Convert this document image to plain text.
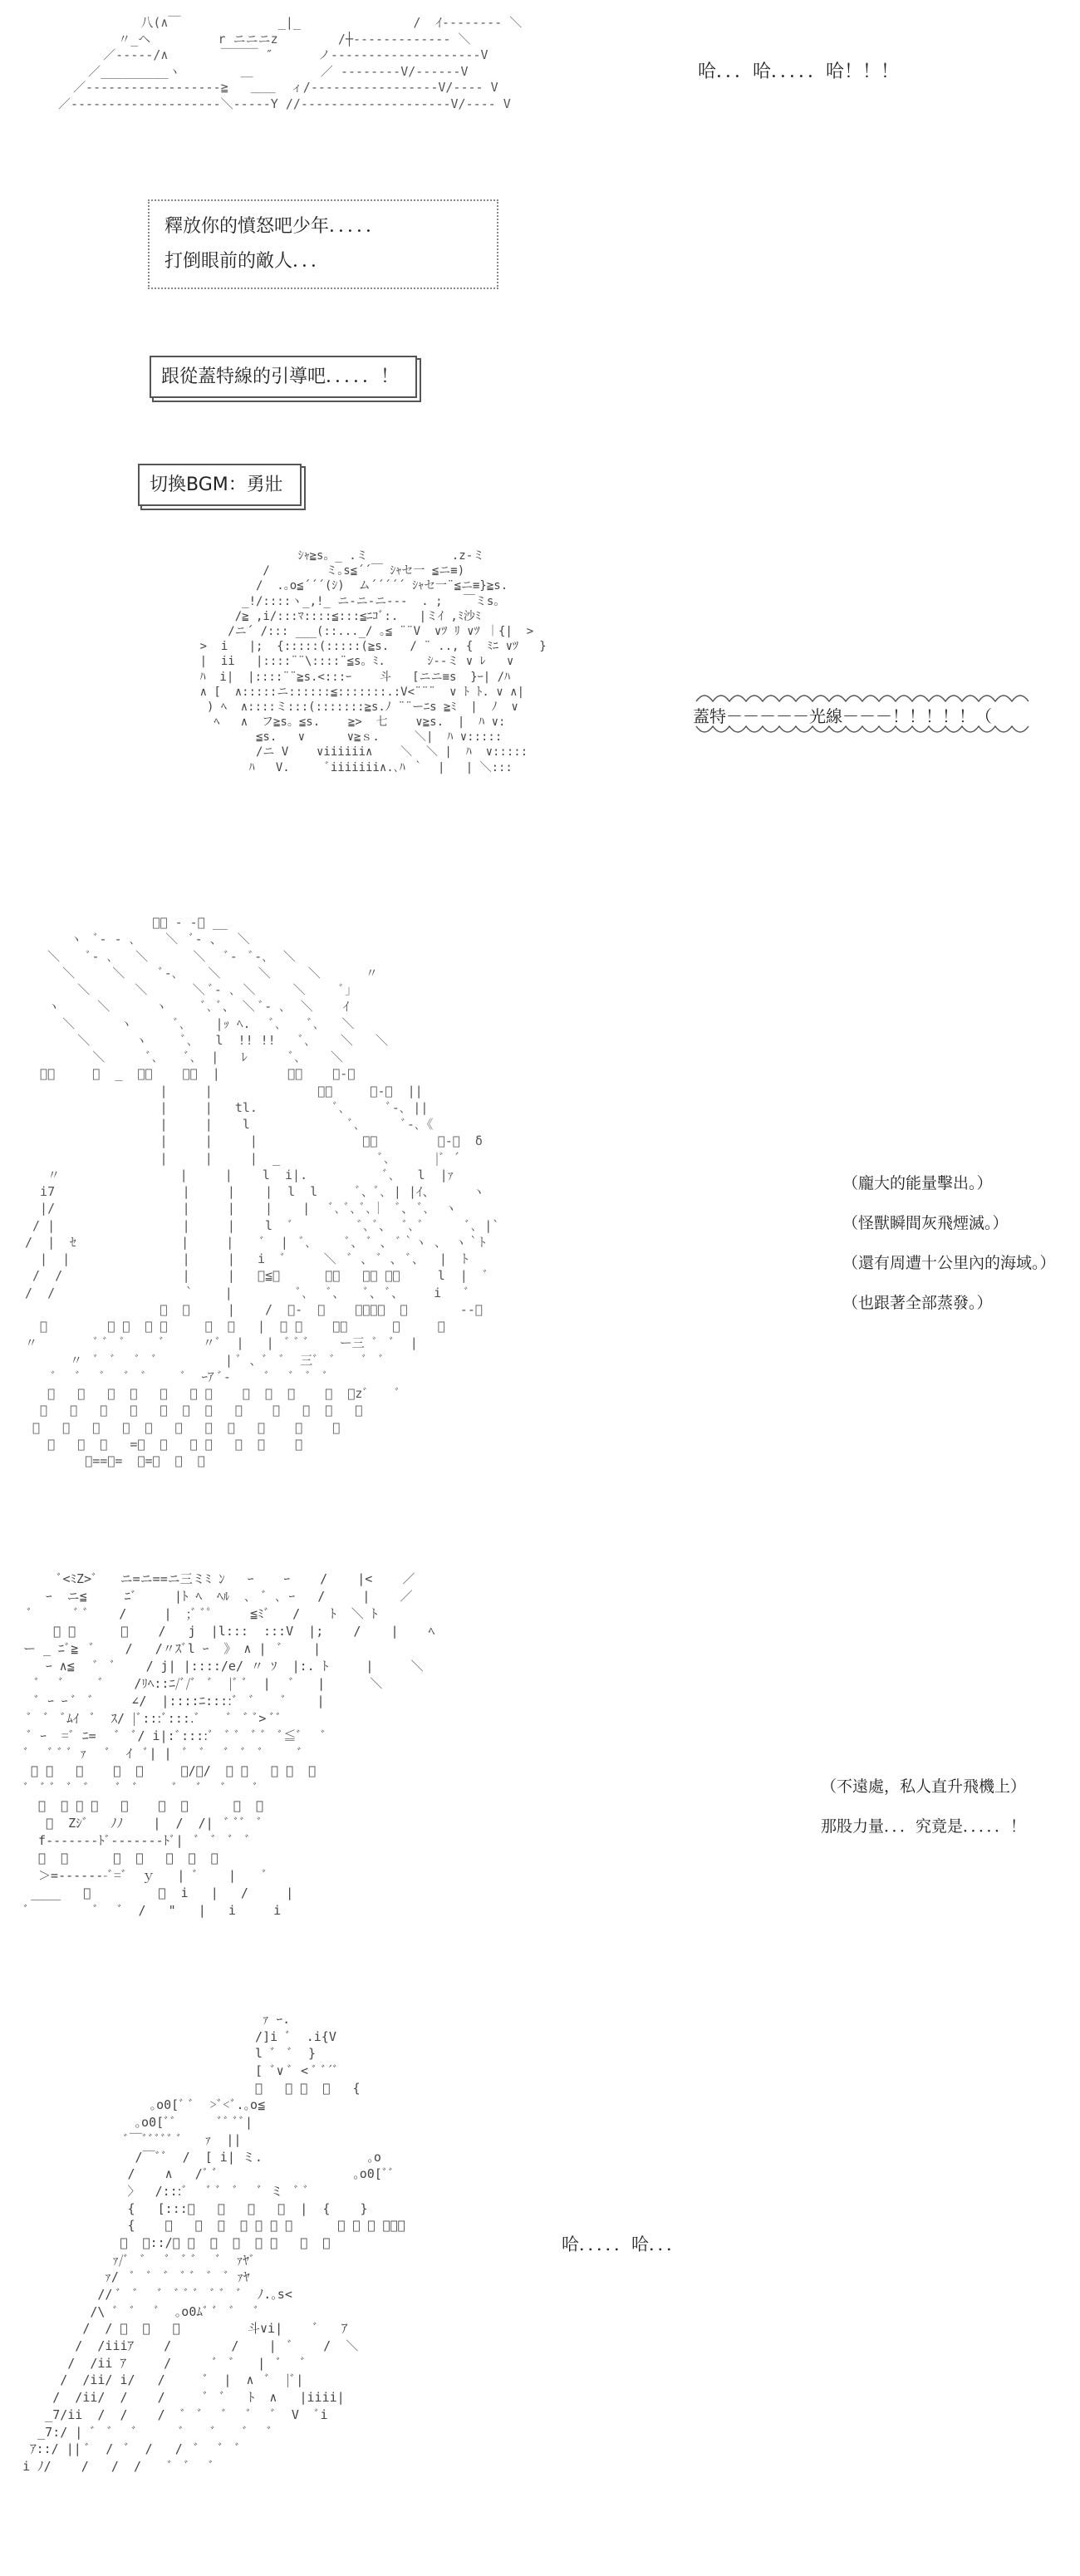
八(∧￣             _|_               /  ｲ-------- ＼
〃_ヘ         r ニニニz        /┼------------- ＼
／-----/∧       ￣￣￣ ″      ノ--------------------V
／_________ヽ        ＿         ／ --------V/------V
／------------------≧   ＿＿  ィ/-----------------V/---- V
／--------------------＼-----Y //--------------------V/---- V
哈．．．哈．．．．．哈！！！
釋放你的憤怒吧少年．．．．．
打倒眼前的敵人．．．
跟從蓋特線的引導吧．．．．．！
切換BGM：勇壯
ｼｬ≧s。_ .ミ            .z-ミ
/        ミ｡s≦´´￣ ｼｬセ一 ≦ニ≡)
/  .｡o≦´´´(ｼ)  ム´´´´´ ｼｬセ一¨≦ニ≡}≧s.
_!/::::ヽ_,!_ ニ-ニ-ニ---  . ;   ￣ミs。
/≧ ,i/:::ﾏ::::≦:::≦ﾆｺﾞ:.   |ミｲ ,ﾐ沙ﾐ
/ニ´ /::: ___(::..._/ ｡≦ ¨¨V  ∨ﾂ ﾘ ∨ﾂ ｜{|  >
>  i   |;  {:::::(:::::(≧s.   / ¨ .., {  ﾐﾆ ∨ﾂ   }
|  ii   |::::¨¨\::::¨≦s。ﾐ.      ｼ--ミ ∨ ﾚ   ∨
ﾊ  i|  |::::¨¨≧s.<:::ｰ    斗   [ニニ≡s  }ｰ| /ﾊ
∧ [  ∧:::::ニ::::::≦:::::::.:V<¨¨¨  ∨ ﾄ ﾄ. ∨ ∧|
) ﾍ  ∧::::ミ:::(:::::::≧s.ﾉ ¨¨ーﾆs ≧ﾐ  |  ﾉ  ∨
ﾍ   ∧  フ≧s。≦s.    ≧>  七    ∨≧s.  |  ﾊ ∨:
≦s.   ∨      ∨≧ｓ.     ＼|  ﾊ ∨:::::
/ニ V    ∨iiiiii∧    ＼  ＼ |  ﾊ  ∨:::::
ﾊ   V.     ﾞiiiiiii∧.､ﾊ ｀  |   | ＼:::
蓋特－－－－－光線－－－！！！！！（
ﾞ､ ‐ -､ __
ヽ  ﾞ‐ - ､    ＼  ﾞ‐ 、  ＼
＼    ﾞ‐ ､   ＼      ＼   ﾞ‐  ﾞ-､  ＼
＼     ＼     ﾞ-､    ＼     ＼     ＼      〃
＼      ＼      ＼ ﾞ‐ ､ ＼     ＼     ﾞ｣
ヽ     ＼      ヽ     ﾞ､ ﾞ、 ＼ ﾞ‐ ､  ＼    ｲ
＼      ヽ      ﾞ､    |ｯ ﾍ.   ﾞ､    ﾞ､   ＼
＼      ヽ     ﾞ､   l  !! !!   ﾞ､    ＼   ＼
＼      ﾞ､    ﾞ､  |   ﾚ      ﾞ､    ＼
ﾞ、     ＼  _  ﾞ､    ﾞ､  |         ﾞ､    ﾞ-､
|     |              ﾞ､     ﾞ-､  ||
|     |   tl.          ﾞ､      ﾞ-､ ||
|     |    l             ﾞ､      ﾞ-､《
|     |     |              ﾞ､        ﾞ-､  δ
|     |     |  _             ﾞ､      |ﾞ ´
〃                |     |    l  i|.          ﾞ､   l  |ｧ
i7                 |     |    |  l  l     ﾞ、ﾞ､ | |ｲ、     ヽ
|/                 |     |    |    |   ﾞ､ ﾞ､ ﾞ､｜  ﾞ、 ﾞ､  ヽ
/ |                 |     |    l  ﾞ         ﾞ､ ﾞ、  ﾞ､ ﾞ      ﾞ､ |`
/  |  ｾ              |     |    ﾞ  |  ﾞ､     ﾞ、 ﾞ 、 ﾞ｀ヽ 、 ヽ｀ﾄ
|  |               |     |   i  ﾞ     ＼  ﾞ 、 ﾞ 、 ﾞ、  |  ﾄ
/  /                |     |   ﾞ≦ﾞ      ﾞ＼   ﾞ、 ﾞ、     l  |  ﾞ
/  /                 ｀    |         ﾞ､   ﾞ、   ﾞ、 ﾞ、    i   ﾞ
ﾞ  ﾞ     |    /  ﾞ‐  ﾞ    ﾞ、ﾞ、  ﾞ       --ﾞ
ﾞ        〃 ﾞ  ﾞ ﾞ     ｝  ﾞ   |  〃 ﾞ    ﾞ、      ﾞ     ﾞ
〃        ﾞ ﾞ  ﾞ     ﾞ     〃ﾞ  |   |  ﾞ ﾞ ﾞ    ー三 ﾞ  ﾞ  |
〃  ﾞ  ﾞ   ﾞ  ﾞ         | ﾞ 、ﾞ  ﾞ  三ﾞ  ﾞ    ﾞ  ﾞ
ﾞ   ﾞ   ﾞ   ﾞ  ﾞ     ﾞ  ｰｱ ﾞ‐     ﾞ   ﾞ  ﾞ  ﾞ
ﾞ   ﾞ   ﾞ  ﾞ   ﾞ   ﾞ ﾞ    ﾞ  ﾞ  ﾞ    ﾞ  ｰzﾞ    ﾞ
ﾞ   ﾞ   ﾞ   ﾞ   ﾞ  ﾞ  ﾞ   ﾞ    ﾞ   ﾞ  ﾞ   ﾞ
ﾞ   ﾞ   ﾞ   ﾞ  ﾞ   ﾞ   ﾞ  ﾞ   ﾞ    ﾞ    ﾞ
ﾞ   ﾞ  ﾞ   =ﾞ  ﾞ   ﾞ ﾞ   ﾞ  ﾞ    ﾞ
ﾞ==ﾞ=  ﾞ=ﾞ  ﾞ  ﾞ
（龐大的能量擊出。）
（怪獸瞬間灰飛煙滅。）
（還有周遭十公里內的海域。）
（也跟著全部蒸發。）
ﾞ<ﾐZ>ﾞ   ニ=ニ==ニ三ミﾐ ﾝ   ｰ    ｰ    /    |<    ／
ｰ  ニ≦     ﾆﾞ     |ﾄ ﾍ  ﾍﾙ  ､  ﾞ ､ ｰ   /     |    ／
ﾞ      ﾞ ﾞ    /     |  ;ﾞ ﾞﾟ     ≦ﾐﾞ   /    ﾄ  ＼ ﾄ
ﾞ ﾞ      ﾞ    /   j  |l:::  :::V  |;    /    |    ﾍ
ー _ ﾆﾞ≧  ﾞ    /   /〃ｽﾞl ｰ  》 ∧ |  ﾞ    |
ｰ ∧≦   ﾞ  ﾞ    / j| |::::/e/ 〃 ｿ  |:. ﾄ     |     ＼
ﾞ   ﾞ     ﾞ    /ﾘﾍ::ﾆ/ﾞ/ﾞ  ﾞ  |ﾞ ﾞ  |   ﾞ   |      ＼
ﾞ ｰ ｰ ﾞ  ﾞ     ∠/  |::::ﾆ::::ﾞ  ﾞ    ﾞ    |
ﾞ  ﾞ  ﾞﾑｲ  ﾞ  ｽ/ |ﾞ:::ﾞ:::.ﾞ    ﾞ  ﾞ ﾞ> ﾞﾞ
ﾞ ｰ  =ﾞ ﾆ=   ﾞ  ﾞ/ i|:ﾞ::::ﾞ  ﾞ ﾞ  ﾞ ﾞ  ﾞ≦ﾞ   ﾞ
ﾞ   ﾞ ﾞ ﾞ ｧ   ﾞ  ｲ  ﾞ| |  ﾞ  ﾞ   ﾞ  ﾞ  ﾞ     ﾞ
ﾞ ﾞ   ﾞ    ﾞ  ﾞ     ﾞ/ﾞ/  ﾞ ﾞ   ﾞ ﾞ  ﾞ
ﾞ  ﾞ ﾞ  ﾞ  ﾞ    ﾞ  ﾞ     ﾞ   ﾞ   ﾞ    ﾞ
ﾞ  ﾞ ﾞ ﾞ   ﾞ    ﾞ  ﾞ      ﾞ  ﾞ
ﾞ  Zｼﾞ   ﾉﾉ    |  /  /|  ﾞ ﾞﾞ  ﾞ
f-------ﾄﾞ-------ﾄﾞ|  ﾞ  ﾞ  ﾞ  ﾞ
ﾞ  ﾞ      ﾞ  ﾞ   ﾞ  ﾞ  ﾞ
＞=-------ﾞ=ﾞ  ｙ   | ﾞ    |    ﾞ
____   ﾞ         ﾞ  i   |   /     |
ﾞ         ﾞ   ﾞ  /   "   |   i     i
（不遠處，私人直升飛機上）
那股力量．．．究竟是．．．．．！
ｧ ｰ.
/]i ﾞ  .i{V
l ﾞ  ﾞ  }
[ ﾞ∨ ﾞ < ﾞ ﾞ´ﾞ
ﾞ   ﾞ ﾞ  ﾞ   {
｡o0[ﾞ ﾞ  >ﾞ<ﾞ.｡o≦
｡o0[ﾞﾞ      ﾞﾞ ﾞﾞ|
ﾞ￣ﾞﾞﾞﾞﾞ ﾞ   ｧ  ||
/￣ﾞﾞ  /  [ i| ミ.              ｡o
/    ∧   /ﾞ ﾞ                  ｡o0[ﾞﾞ
〉  /:::ﾞ   ﾞ ﾞ  ﾞ   ﾞ ミ  ﾞ ﾞ
{   [:::ﾞ   ﾞ   ﾞ   ﾞ  |  {    }
{    ﾞ   ﾞ  ﾞ  ﾞ ﾞ ﾞ ﾞ      ﾞ ﾞ ﾞ ﾞﾞﾞ
ﾞ  ﾞ::/ﾞ ﾞ  ﾞ  ﾞ  ﾞ ﾞ   ﾞ  ﾞ
ｧ/ﾞ  ﾞ   ﾞ  ﾞ ﾞ   ﾞ  ｧﾔﾞ
ｧ/  ﾞ  ﾞ  ﾞ  ﾞ ﾞ  ﾞ  ﾞ ｧﾔ
// ﾞ  ﾞ   ﾞ  ﾞ ﾞ ﾞ  ﾞ ﾞ  ﾞ  ﾉ.｡s<
/\ ﾞ  ﾞ   ﾞ  ｡o0ﾑﾞ ﾞ  ﾞ   ﾞ
/  / ﾞ  ﾞ   ﾞ         斗∨i|    ﾞ   ｱ
/  /iiiｱ    /        /    |  ﾞ    /  ＼
/  /ii ｱ     /      ﾞ  ﾞ   |  ﾞ   ﾞ
/  /ii/ i/   /     ﾞ  |  ∧  ﾞ  |ﾞ|
/  /ii/  /    /     ﾞ  ﾞ   ﾄ  ∧   |iiii|
_7/ii  /  /    /  ﾞ  ﾞ   ﾞ   ﾞ   ﾞ  V  ﾞi
_7:/ | ﾞ  ﾞ   ﾞ      ﾞ    ﾞ    ﾞ   ﾞ
ｱ::/ || ﾞ  /  ﾞ  /   /  ﾞ   ﾞ  ﾞ
i ﾉ/    /   /  /    ﾞ  ﾞ   ﾞ
哈．．．．．哈．．．
